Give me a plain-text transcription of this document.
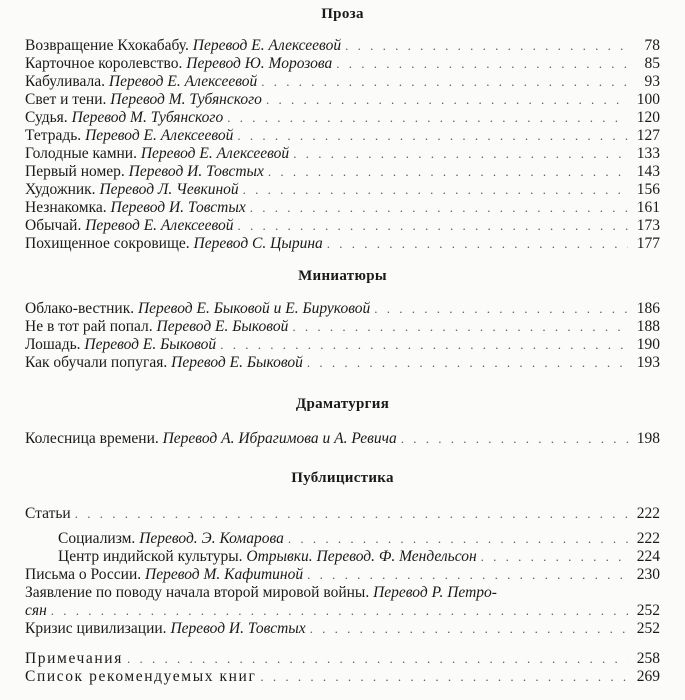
Проза
Возвращение Кхокабабу. Перевод Е. Алексеевой . . .	78
Карточное королевство. Перевод Ю. Морозова . . .	85
Кабуливала. Перевод Е. Алексеевой . . .	93
Свет и тени. Перевод М. Тубянского . . .	100
Судья. Перевод М. Тубянского . . .	120
Тетрадь. Перевод Е. Алексеевой . . .	127
Голодные камни. Перевод Е. Алексеевой . . .	133
Первый номер. Перевод И. Товстых . . .	143
Художник. Перевод Л. Чевкиной . . .	156
Незнакомка. Перевод И. Товстых . . .	161
Обычай. Перевод Е. Алексеевой . . .	173
Похищенное сокровище. Перевод С. Цырина . . .	177
Миниатюры
Облако-вестник. Перевод Е. Быковой и Е. Бируковой . . .	186
Не в тот рай попал. Перевод Е. Быковой . . .	188
Лошадь. Перевод Е. Быковой . . .	190
Как обучали попугая. Перевод Е. Быковой . . .	193
Драматургия
Колесница времени. Перевод А. Ибрагимова и А. Ревича . . .	198
Публицистика
Статьи . . .	222
Социализм. Перевод. Э. Комарова . . .	222
Центр индийской культуры. Отрывки. Перевод. Ф. Мендельсон . . .	224
Письма о России. Перевод М. Кафитиной . . .	230
Заявление по поводу начала второй мировой войны. Перевод Р. Петро-
сян . . .	252
Кризис цивилизации. Перевод И. Товстых . . .	252
Примечания . . .	258
Список рекомендуемых книг . . .	269
